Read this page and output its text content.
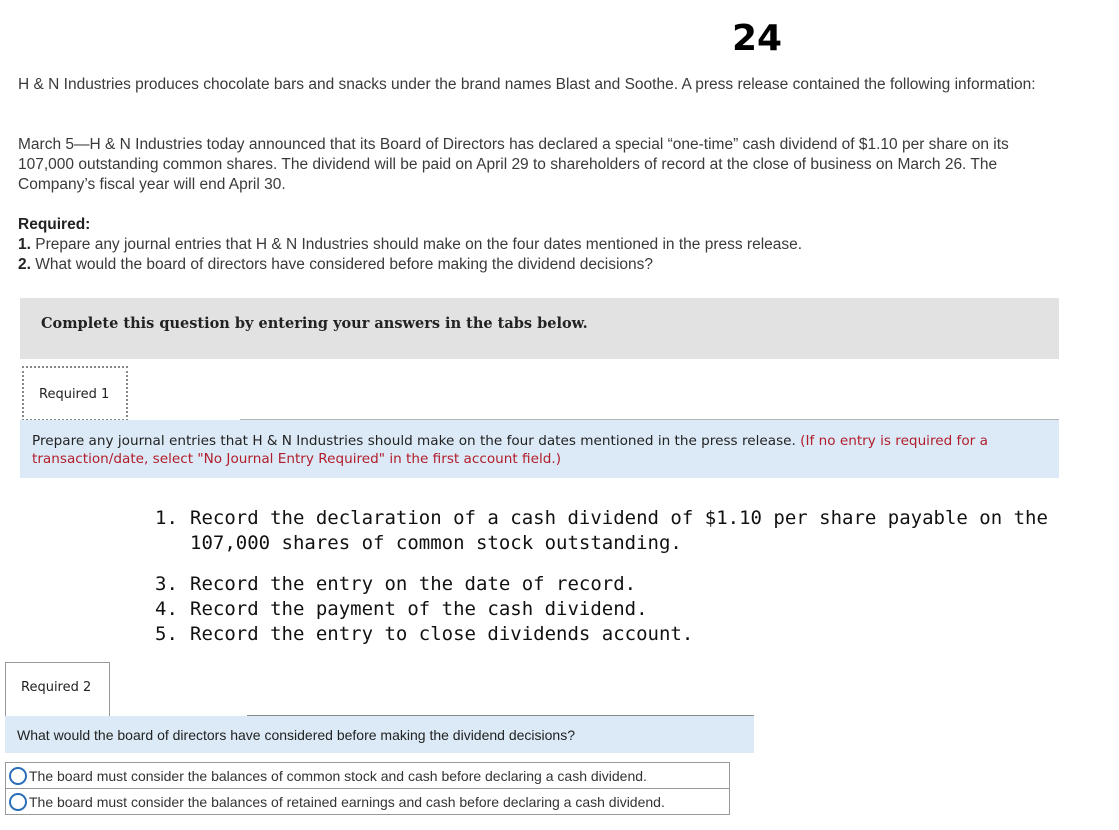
24
H & N Industries produces chocolate bars and snacks under the brand names Blast and Soothe. A press release contained the following information:
March 5—H & N Industries today announced that its Board of Directors has declared a special “one-time” cash dividend of $1.10 per share on its 107,000 outstanding common shares. The dividend will be paid on April 29 to shareholders of record at the close of business on March 26. The Company’s fiscal year will end April 30.
Required:
1. Prepare any journal entries that H & N Industries should make on the four dates mentioned in the press release.
2. What would the board of directors have considered before making the dividend decisions?
Complete this question by entering your answers in the tabs below.
Required 1
Prepare any journal entries that H & N Industries should make on the four dates mentioned in the press release. (If no entry is required for a transaction/date, select "No Journal Entry Required" in the first account field.)
1. Record the declaration of a cash dividend of $1.10 per share payable on the
107,000 shares of common stock outstanding.
3. Record the entry on the date of record.
4. Record the payment of the cash dividend.
5. Record the entry to close dividends account.
Required 2
What would the board of directors have considered before making the dividend decisions?
The board must consider the balances of common stock and cash before declaring a cash dividend.
The board must consider the balances of retained earnings and cash before declaring a cash dividend.
